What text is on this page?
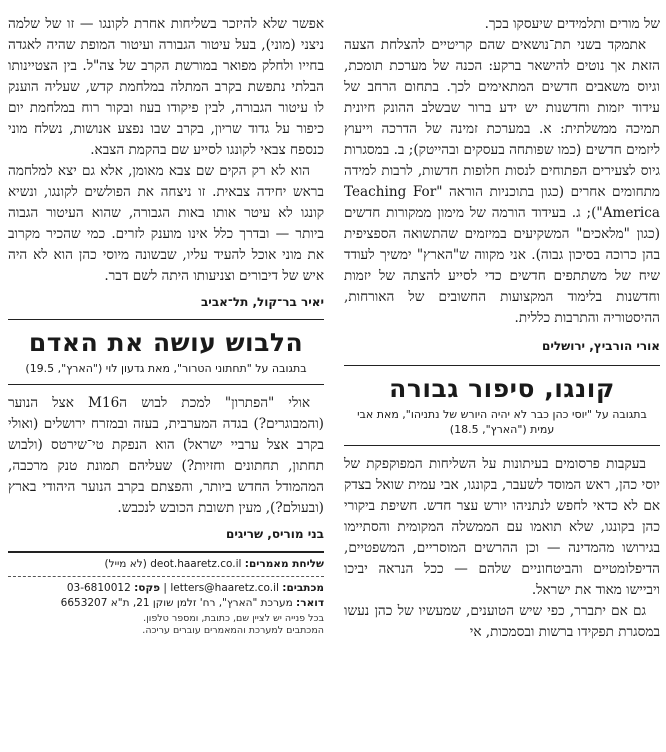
של מורים ותלמידים שיעסקו בכך.

אתמקד בשני תת־נושאים שהם קריטיים להצלחת הצעה הזאת אך נוטים להישאר ברקע: הכנה של מערכת תומכת, וגיוס משאבים חדשים המתאימים לכך. בתחום הרחב של עידוד יזמות וחדשנות יש ידע ברור שבשלב ההונק חיונית תמיכה ממשלתית: א. במערכת זמינה של הדרכה וייעוץ ליזמים חדשים (כמו שפותחה בעסקים ובהייטק); ב. במסגרות גיוס לצעירים הפתוחים לנסות חלופות חדשות, לרבות למידה מתחומים אחרים (כגון בתוכניות הוראה "Teaching For America"); ג. בעידוד הורמה של מימון ממקורות חדשים (כגון "מלאכים" המשקיעים במיזמים שהתשואה הספציפית בהן כרוכה בסיכון גבוה). אני מקווה ש"הארץ" ימשיך לעודד שיח של משתתפים חדשים כדי לסייע להצתה של יזמות וחדשנות בלימוד המקצועות החשובים של האורחות, ההיסטוריה והתרבות כללית.

אורי הורביץ, ירושלים

קונגו, סיפור גבורה

בתגובה על "יוסי כהן כבר לא יהיה היורש של נתניהו", מאת אבי עמית ("הארץ", 18.5)

בעקבות פרסומים בעיתונות על השליחות המפוקפקת של יוסי כהן, ראש המוסד לשעבר, בקונגו, אבי עמית שואל בצדק אם לא כדאי לחפש לנתניהו יורש עצר חדש. חשיפת ביקורי כהן בקונגו, שלא תואמו עם הממשלה המקומית והסתיימו בגירושו מהמדינה — וכן ההרשים המוסריים, המשפטיים, הדיפלומטיים והביטחוניים שלהם — ככל הנראה יביכו ויביישו מאוד את ישראל.

גם אם יתברר, כפי שיש הטוענים, שמעשיו של כהן נעשו במסגרת תפקידו ברשות ובסמכות, אי

אפשר שלא להיזכר בשליחות אחרת לקונגו — זו של שלמה ניצני (מוני), בעל עיטור הגבורה ועיטור המופת שהיה לאגדה בחייו ולחלק מפואר במורשת הקרב של צה"ל. בין הצטיינותו הבלתי נתפשת בקרב המתלה במלחמת קדש, שעליה הוענק לו עיטור הגבורה, לבין פיקודו בעוז ובקור רוח במלחמת יום כיפור על גדוד שריון, בקרב שבו נפצע אנושות, נשלח מוני כנספח צבאי לקונגו לסייע שם בהקמת הצבא.

הוא לא רק הקים שם צבא מאומן, אלא גם יצא למלחמה בראש יחידה צבאית. זו ניצחה את הפולשים לקונגו, ונשיא קונגו לא עיטר אותו באות הגבורה, שהוא העיטור הגבוה ביותר — ובדרך כלל אינו מוענק לזרים. כמי שהכיר מקרוב את מוני אוכל להעיד עליו, שבשונה מיוסי כהן הוא לא היה איש של דיבורים וצניעותו היתה לשם דבר.

יאיר בר־קול, תל־אביב

הלבוש עושה את האדם

בתגובה על "תחתוני הטרור", מאת גדעון לוי ("הארץ", 19.5)

אולי "הפתרון" למכת לבוש הM16 אצל הנוער (והמבוגרים?) בגדה המערבית, בעזה ובמזרח ירושלים (ואולי בקרב אצל ערביי ישראל) הוא הנפקת טי־שירטס (ולבוש תחתון, תחתונים וחזיות?) שעליהם תמונת טנק מרכבה, המהמודל החדש ביותר, והפצתם בקרב הנוער היהודי בארץ (ובעולם?), מעין תשובת הכובש לנכבש.

בני מוריס, שריגים

שליחת מאמרים: deot.haaretz.co.il (לא מייל)
מכתבים: letters@haaretz.co.il | פקס: 03-6810012
דואר: מערכת "הארץ", רח' זלמן שוקן 21, ת"א 6653207
בכל פנייה יש לציין שם, כתובת, ומספר טלפון.
המכתבים למערכת והמאמרים עוברים עריכה.
